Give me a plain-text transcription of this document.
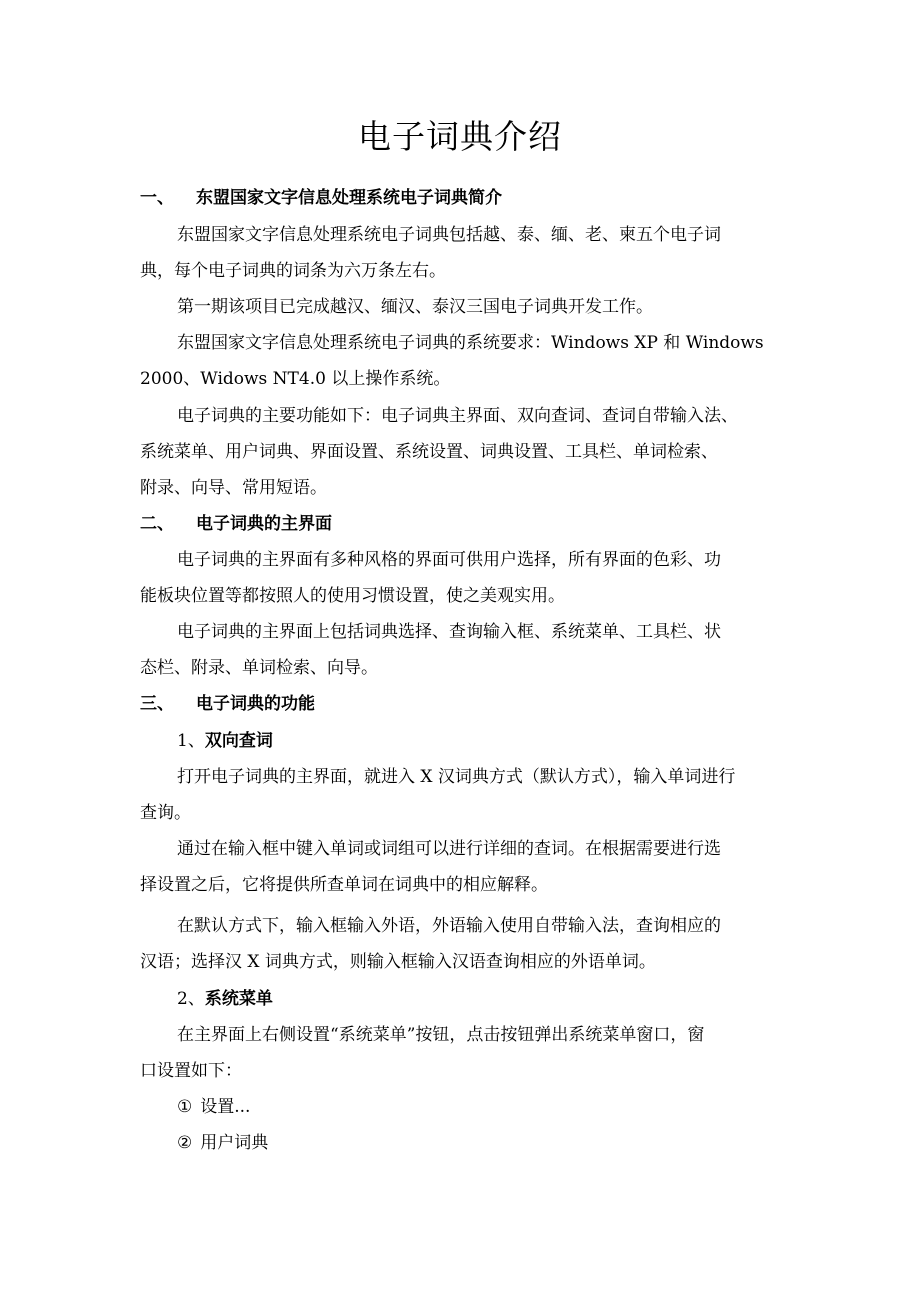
电子词典介绍
一、 东盟国家文字信息处理系统电子词典简介
东盟国家文字信息处理系统电子词典包括越、泰、缅、老、柬五个电子词
典，每个电子词典的词条为六万条左右。
第一期该项目已完成越汉、缅汉、泰汉三国电子词典开发工作。
东盟国家文字信息处理系统电子词典的系统要求：Windows XP 和 Windows
2000、Widows NT4.0 以上操作系统。
电子词典的主要功能如下：电子词典主界面、双向查词、查词自带输入法、
系统菜单、用户词典、界面设置、系统设置、词典设置、工具栏、单词检索、
附录、向导、常用短语。
二、 电子词典的主界面
电子词典的主界面有多种风格的界面可供用户选择，所有界面的色彩、功
能板块位置等都按照人的使用习惯设置，使之美观实用。
电子词典的主界面上包括词典选择、查询输入框、系统菜单、工具栏、状
态栏、附录、单词检索、向导。
三、 电子词典的功能
1、双向查词
打开电子词典的主界面，就进入 X 汉词典方式（默认方式），输入单词进行
查询。
通过在输入框中键入单词或词组可以进行详细的查词。在根据需要进行选
择设置之后，它将提供所查单词在词典中的相应解释。
在默认方式下，输入框输入外语，外语输入使用自带输入法，查询相应的
汉语；选择汉 X 词典方式，则输入框输入汉语查询相应的外语单词。
2、系统菜单
在主界面上右侧设置“系统菜单”按钮，点击按钮弹出系统菜单窗口，窗
口设置如下：
① 设置...
② 用户词典
